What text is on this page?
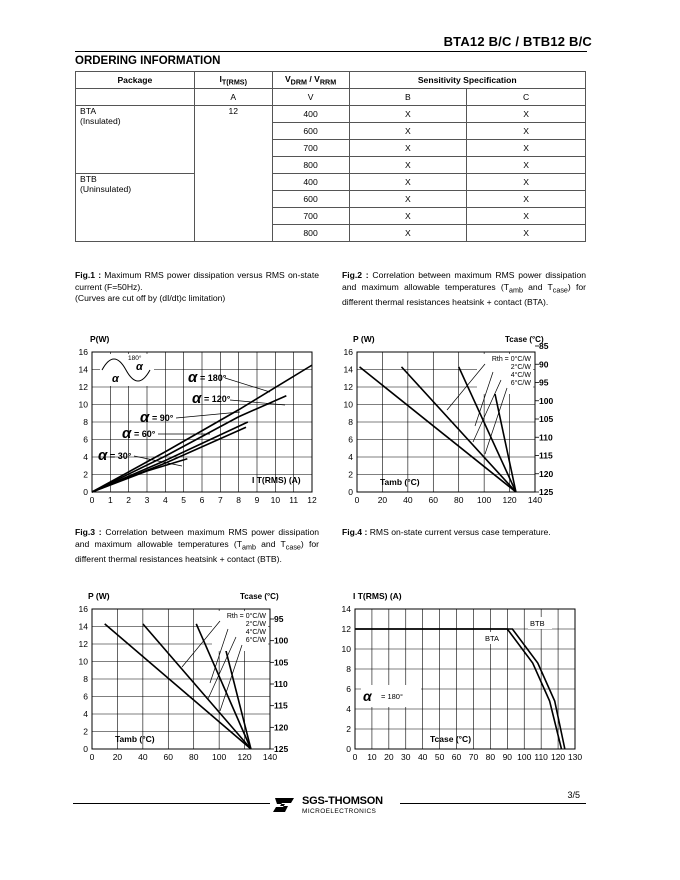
BTA12 B/C / BTB12 B/C
ORDERING INFORMATION
Package	$I_{T(RMS)}$	$V_{DRM} / V_{RRM}$	Sensitivity Specification	
	A	V	B	C

BTA
(Insulated)	12	400	X	X
		600	X	X
		700	X	X
		800	X	X

BTB
(Uninsulated)		400	X	X
		600	X	X
		700	X	X
		800	X	X
Fig.1 : Maximum RMS power dissipation versus RMS on-state current (F=50Hz).
(Curves are cut off by (dI/dt)c limitation)
Fig.2 : Correlation between maximum RMS power dissipation and maximum allowable temperatures ($T_{amb}$ and $T_{case}$) for different thermal resistances heatsink + contact (BTA).
Fig.3 : Correlation between maximum RMS power dissipation and maximum allowable temperatures ($T_{amb}$ and $T_{case}$) for different thermal resistances heatsink + contact (BTB).
Fig.4 : RMS on-state current versus case temperature.
0
2
4
6
8
10
12
14
16
0 1 2 3 4 5 6 7 8 9 10 11 12
P(W)
I T(RMS) (A)
180°
α
α
α = 180°
α = 120°
α = 90°
α = 60°
α = 30°
0
2
4
6
8
10
12
14
16
0 20 40 60 80 100 120 140
P (W)	Tcase (°C)
Tamb (°C)
125
120
115
110
105
100
95
90
85
Rth = 0°C/W
2°C/W
4°C/W
6°C/W
0
2
4
6
8
10
12
14
16
0 20 40 60 80 100 120 140
P (W)	Tcase (°C)
Tamb (°C)
125
120
115
110
105
100
95
Rth = 0°C/W
2°C/W
4°C/W
6°C/W
0
2
4
6
8
10
12
14
0 10 20 30 40 50 60 70 80 90 100 110 120 130
I T(RMS) (A)
Tcase (°C)
BTA
BTB
α = 180°
3/5
SGS-THOMSON
MICROELECTRONICS
